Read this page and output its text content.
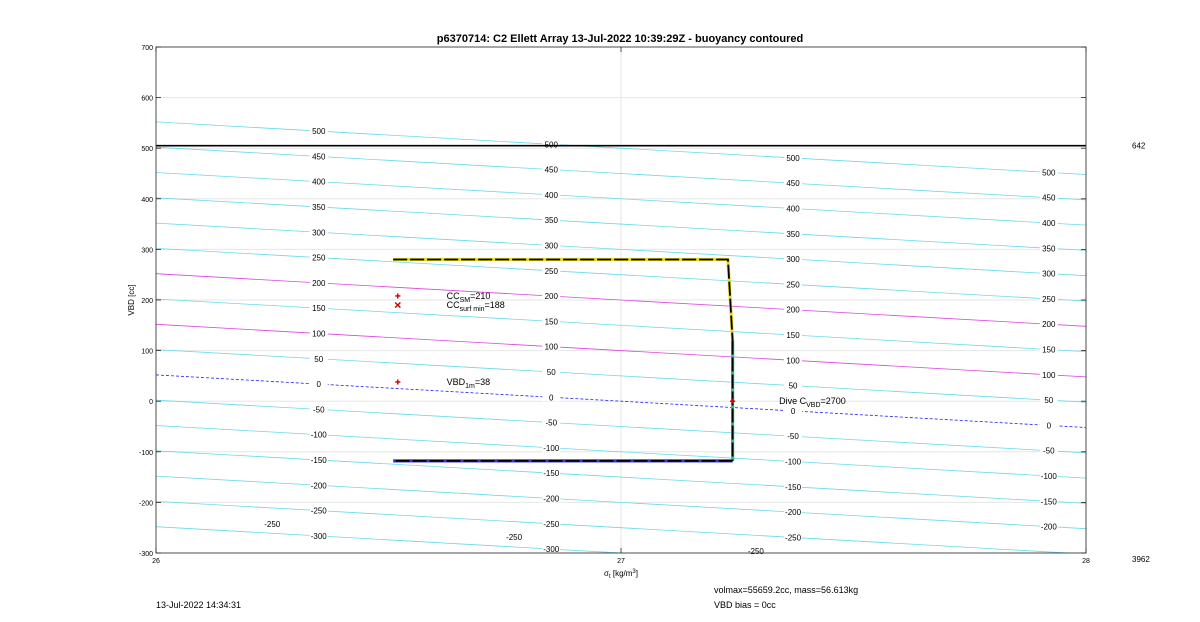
-300
-300
-250
-250
-250
-200
-200
-200
-200
-150
-150
-150
-150
-100
-100
-100
-100
-50
-50
-50
-50
0
0
0
0
50
50
50
50
100
100
100
100
150
150
150
150
200
200
200
200
250
250
250
250
300
300
300
300
350
350
350
350
400
400
400
400
450
450
450
450
500
500
500
500
-250
-250
-250
642
3962
$CC_{SM}=210$
$CC_{surf min}=188$
$VBD_{1m}=38$
Dive $C_{VBD}=2700$
-300
-200
-100
0
100
200
300
400
500
600
700
26	27	28
VBD [cc]
$\sigma_t$ $[kg/m^3]$
p6370714: C2 Ellett Array 13-Jul-2022 10:39:29Z - buoyancy contoured
13-Jul-2022 14:34:31
volmax=55659.2cc, mass=56.613kg
VBD bias = 0cc
